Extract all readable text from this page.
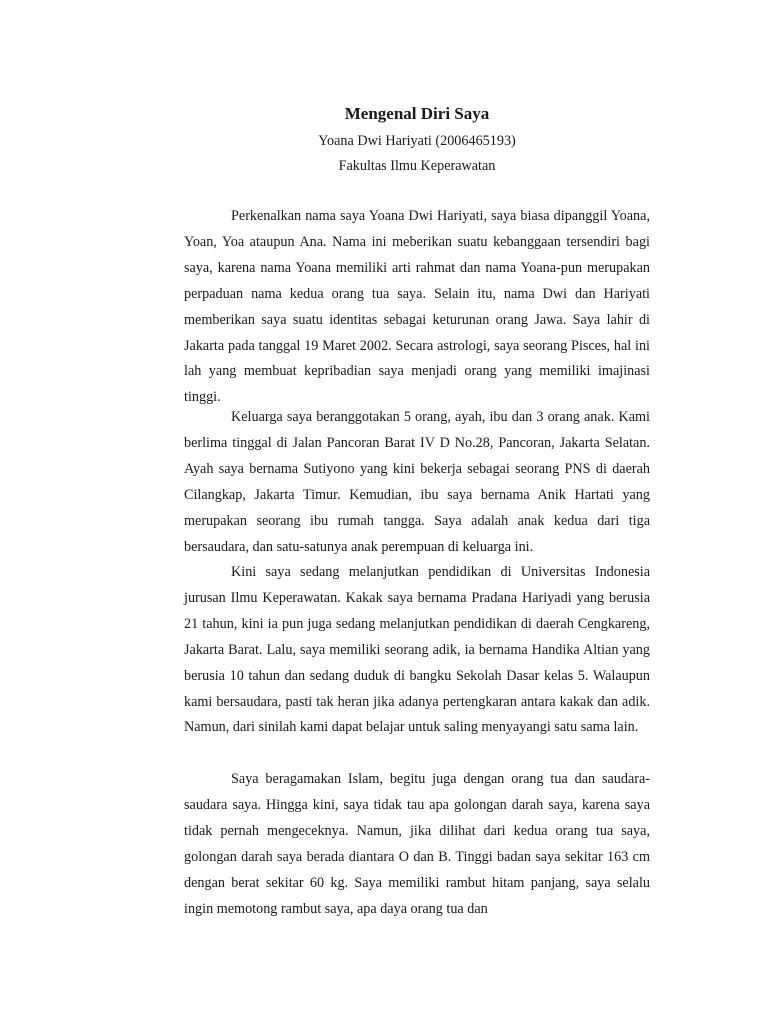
Mengenal Diri Saya
Yoana Dwi Hariyati (2006465193)
Fakultas Ilmu Keperawatan

Perkenalkan nama saya Yoana Dwi Hariyati, saya biasa dipanggil Yoana, Yoan, Yoa ataupun Ana. Nama ini meberikan suatu kebanggaan tersendiri bagi saya, karena nama Yoana memiliki arti rahmat dan nama Yoana-pun merupakan perpaduan nama kedua orang tua saya. Selain itu, nama Dwi dan Hariyati memberikan saya suatu identitas sebagai keturunan orang Jawa. Saya lahir di Jakarta pada tanggal 19 Maret 2002. Secara astrologi, saya seorang Pisces, hal ini lah yang membuat kepribadian saya menjadi orang yang memiliki imajinasi tinggi.

Keluarga saya beranggotakan 5 orang, ayah, ibu dan 3 orang anak. Kami berlima tinggal di Jalan Pancoran Barat IV D No.28, Pancoran, Jakarta Selatan. Ayah saya bernama Sutiyono yang kini bekerja sebagai seorang PNS di daerah Cilangkap, Jakarta Timur. Kemudian, ibu saya bernama Anik Hartati yang merupakan seorang ibu rumah tangga. Saya adalah anak kedua dari tiga bersaudara, dan satu-satunya anak perempuan di keluarga ini.

Kini saya sedang melanjutkan pendidikan di Universitas Indonesia jurusan Ilmu Keperawatan. Kakak saya bernama Pradana Hariyadi yang berusia 21 tahun, kini ia pun juga sedang melanjutkan pendidikan di daerah Cengkareng, Jakarta Barat. Lalu, saya memiliki seorang adik, ia bernama Handika Altian yang berusia 10 tahun dan sedang duduk di bangku Sekolah Dasar kelas 5. Walaupun kami bersaudara, pasti tak heran jika adanya pertengkaran antara kakak dan adik. Namun, dari sinilah kami dapat belajar untuk saling menyayangi satu sama lain.

Saya beragamakan Islam, begitu juga dengan orang tua dan saudara-saudara saya. Hingga kini, saya tidak tau apa golongan darah saya, karena saya tidak pernah mengeceknya. Namun, jika dilihat dari kedua orang tua saya, golongan darah saya berada diantara O dan B. Tinggi badan saya sekitar 163 cm dengan berat sekitar 60 kg. Saya memiliki rambut hitam panjang, saya selalu ingin memotong rambut saya, apa daya orang tua dan
